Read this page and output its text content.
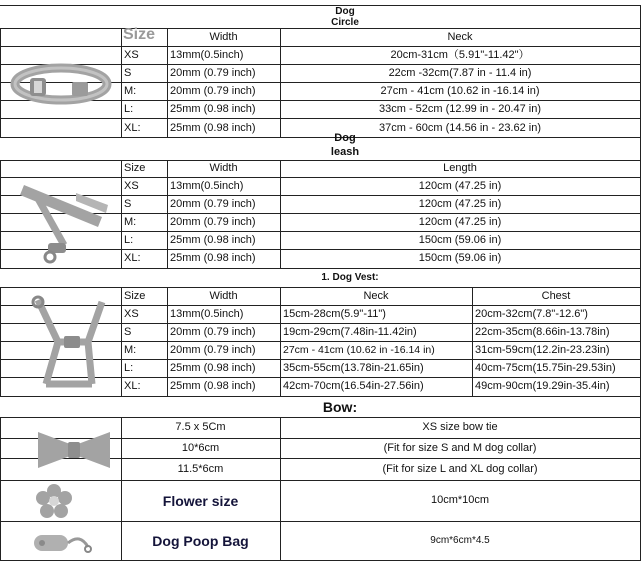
Dog
Circle
Size	Width	Neck
XS	13mm(0.5inch)	20cm-31cm（5.91"-11.42"）
S	20mm (0.79 inch)	22cm -32cm(7.87 in - 11.4 in)
M:	20mm (0.79 inch)	27cm - 41cm (10.62 in -16.14 in)
L:	25mm (0.98 inch)	33cm - 52cm (12.99 in - 20.47 in)
XL:	25mm (0.98 inch)	37cm - 60cm (14.56 in - 23.62 in)
Dog
leash
Size	Width	Length
XS	13mm(0.5inch)	120cm (47.25 in)
S	20mm (0.79 inch)	120cm (47.25 in)
M:	20mm (0.79 inch)	120cm (47.25 in)
L:	25mm (0.98 inch)	150cm (59.06 in)
XL:	25mm (0.98 inch)	150cm (59.06 in)
1. Dog Vest:
Size	Width	Neck	Chest
XS	13mm(0.5inch)	15cm-28cm(5.9"-11")	20cm-32cm(7.8"-12.6")
S	20mm (0.79 inch) 19cm-29cm(7.48in-11.42in)	22cm-35cm(8.66in-13.78in)
M:	20mm (0.79 inch)	27cm - 41cm (10.62 in -16.14 in)	31cm-59cm(12.2in-23.23in)
L:	25mm (0.98 inch) 35cm-55cm(13.78in-21.65in)	40cm-75cm(15.75in-29.53in)
XL:	25mm (0.98 inch) 42cm-70cm(16.54in-27.56in)	49cm-90cm(19.29in-35.4in)
Bow:
7.5 x 5Cm	XS size bow tie
10*6cm	(Fit for size S and M dog collar)
11.5*6cm	(Fit for size L and XL dog collar)
Flower size	10cm*10cm
Dog Poop Bag	9cm*6cm*4.5
